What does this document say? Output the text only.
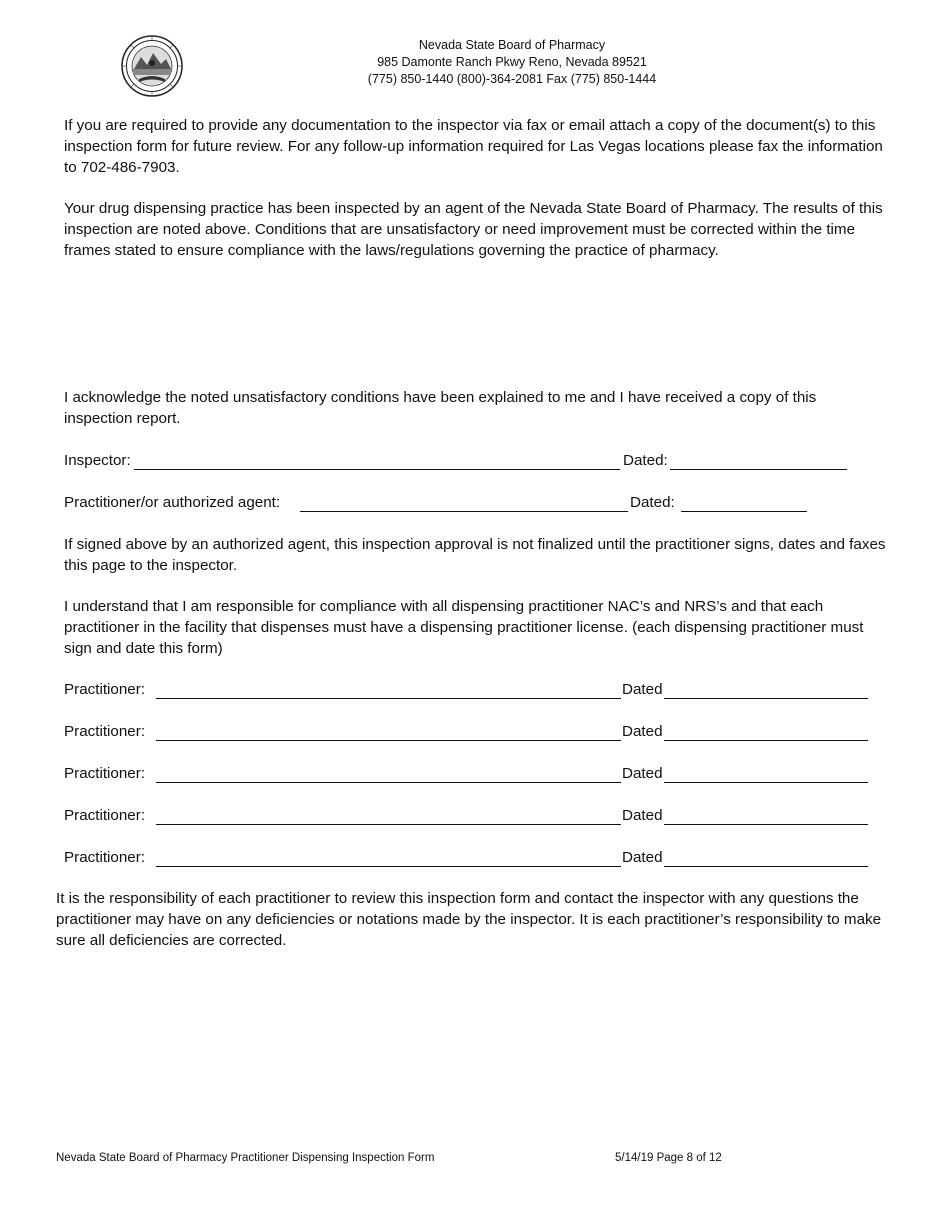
Nevada State Board of Pharmacy
985 Damonte Ranch Pkwy Reno, Nevada 89521
(775) 850-1440 (800)-364-2081 Fax (775) 850-1444

If you are required to provide any documentation to the inspector via fax or email attach a copy of the document(s) to this inspection form for future review. For any follow-up information required for Las Vegas locations please fax the information to 702-486-7903.

Your drug dispensing practice has been inspected by an agent of the Nevada State Board of Pharmacy. The results of this inspection are noted above. Conditions that are unsatisfactory or need improvement must be corrected within the time frames stated to ensure compliance with the laws/regulations governing the practice of pharmacy.

I acknowledge the noted unsatisfactory conditions have been explained to me and I have received a copy of this inspection report.

Inspector:	Dated:
Practitioner/or authorized agent:	Dated:

If signed above by an authorized agent, this inspection approval is not finalized until the practitioner signs, dates and faxes this page to the inspector.

I understand that I am responsible for compliance with all dispensing practitioner NAC’s and NRS’s and that each practitioner in the facility that dispenses must have a dispensing practitioner license. (each dispensing practitioner must sign and date this form)

Practitioner:	Dated
Practitioner:	Dated
Practitioner:	Dated
Practitioner:	Dated
Practitioner:	Dated

It is the responsibility of each practitioner to review this inspection form and contact the inspector with any questions the practitioner may have on any deficiencies or notations made by the inspector. It is each practitioner’s responsibility to make sure all deficiencies are corrected.

Nevada State Board of Pharmacy Practitioner Dispensing Inspection Form	5/14/19 Page 8 of 12
